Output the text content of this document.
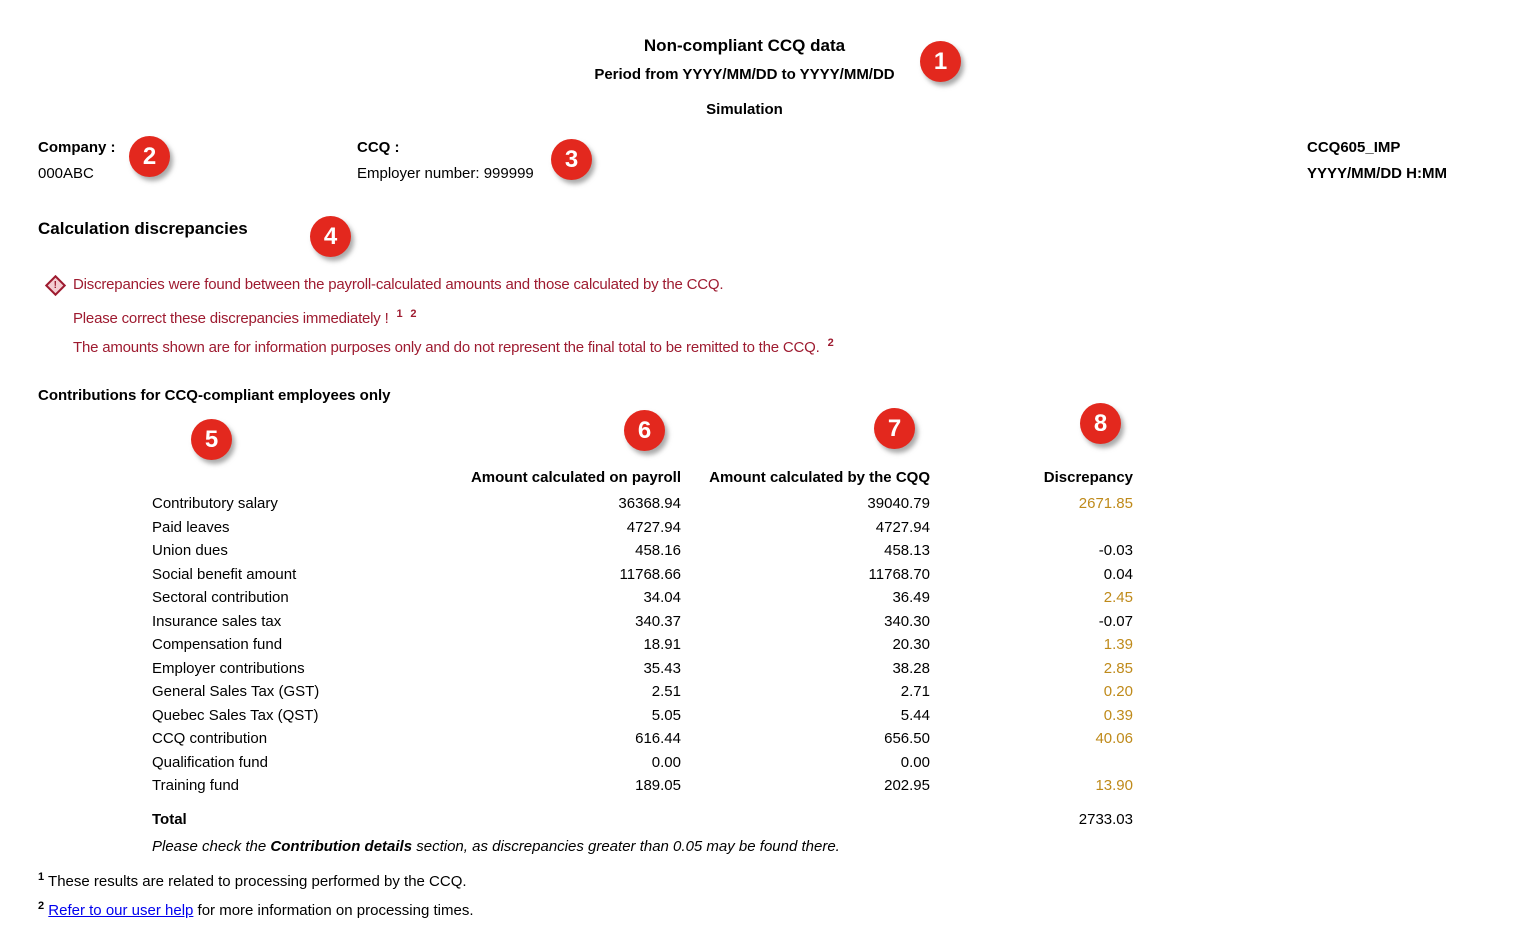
Non-compliant CCQ data
Period from YYYY/MM/DD to YYYY/MM/DD
Simulation
Company :
000ABC
CCQ :
Employer number: 999999
CCQ605_IMP
YYYY/MM/DD H:MM
Calculation discrepancies
! Discrepancies were found between the payroll-calculated amounts and those calculated by the CCQ.
Please correct these discrepancies immediately ! $^1$ $^2$
The amounts shown are for information purposes only and do not represent the final total to be remitted to the CCQ. $^2$
Contributions for CCQ-compliant employees only
	Amount calculated on payroll	Amount calculated by the CQQ	Discrepancy
Contributory salary	36368.94	39040.79	2671.85
Paid leaves	4727.94	4727.94	
Union dues	458.16	458.13	-0.03
Social benefit amount	11768.66	11768.70	0.04
Sectoral contribution	34.04	36.49	2.45
Insurance sales tax	340.37	340.30	-0.07
Compensation fund	18.91	20.30	1.39
Employer contributions	35.43	38.28	2.85
General Sales Tax (GST)	2.51	2.71	0.20
Quebec Sales Tax (QST)	5.05	5.44	0.39
CCQ contribution	616.44	656.50	40.06
Qualification fund	0.00	0.00	
Training fund	189.05	202.95	13.90
Total			2733.03
Please check the Contribution details section, as discrepancies greater than 0.05 may be found there.
$^1$ These results are related to processing performed by the CCQ.
$^2$ Refer to our user help for more information on processing times.
1
2	3
4
5	6	7	8
